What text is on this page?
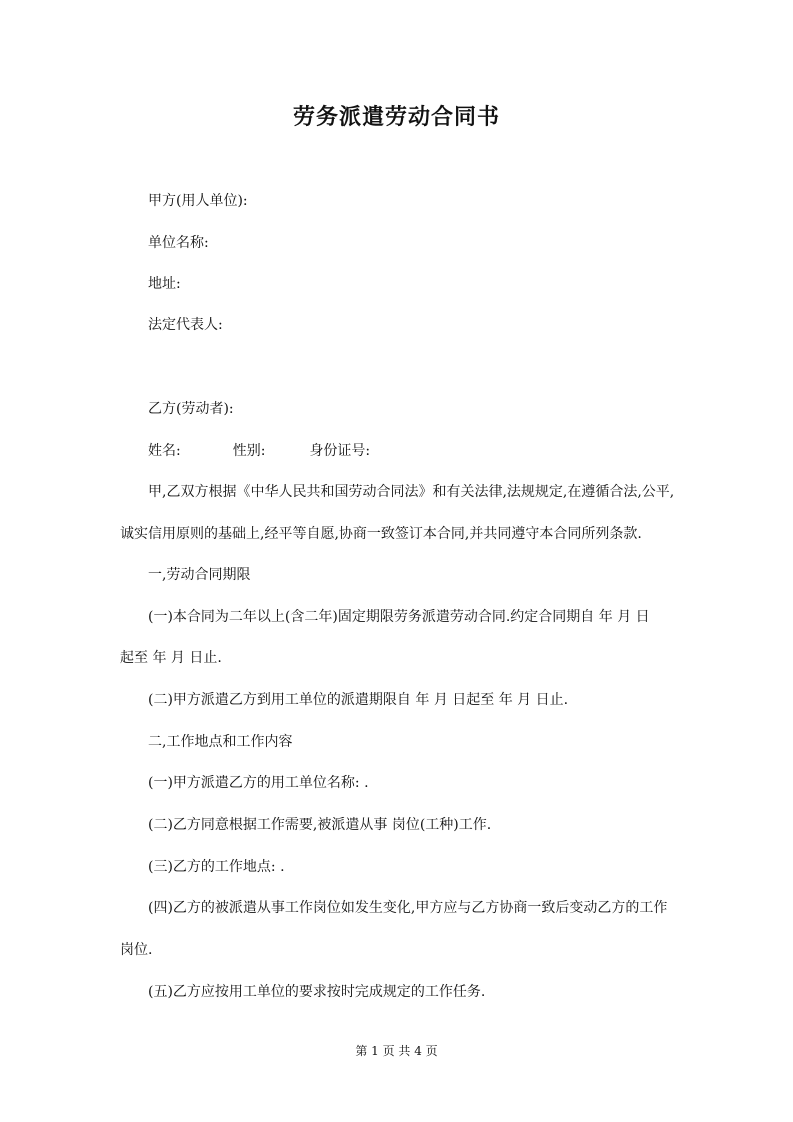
劳务派遣劳动合同书

甲方(用人单位):

单位名称:

地址:

法定代表人:

乙方(劳动者):

姓名:	性别:	身份证号:

甲,乙双方根据《中华人民共和国劳动合同法》和有关法律,法规规定,在遵循合法,公平,

诚实信用原则的基础上,经平等自愿,协商一致签订本合同,并共同遵守本合同所列条款.

一,劳动合同期限

(一)本合同为二年以上(含二年)固定期限劳务派遣劳动合同.约定合同期自 年 月 日

起至 年 月 日止.

(二)甲方派遣乙方到用工单位的派遣期限自 年 月 日起至 年 月 日止.

二,工作地点和工作内容

(一)甲方派遣乙方的用工单位名称: .

(二)乙方同意根据工作需要,被派遣从事 岗位(工种)工作.

(三)乙方的工作地点: .

(四)乙方的被派遣从事工作岗位如发生变化,甲方应与乙方协商一致后变动乙方的工作

岗位.

(五)乙方应按用工单位的要求按时完成规定的工作任务.

第 1 页 共 4 页
